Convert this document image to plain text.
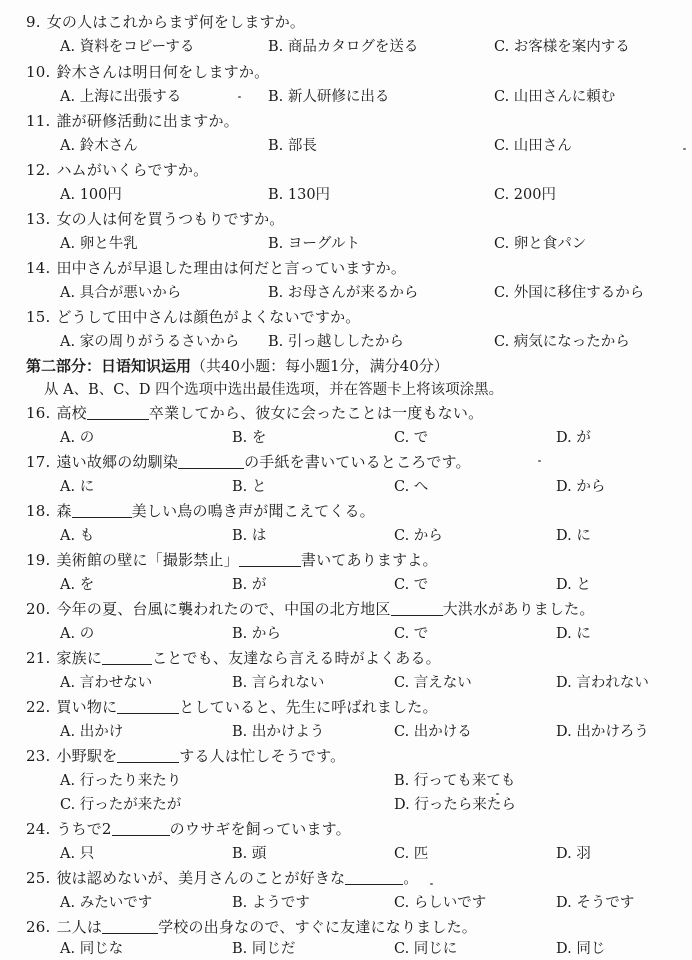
9. 女の人はこれからまず何をしますか。
A. 資料をコピーする	B. 商品カタログを送る	C. お客様を案内する
10. 鈴木さんは明日何をしますか。
A. 上海に出張する	B. 新人研修に出る	C. 山田さんに頼む
11. 誰が研修活動に出ますか。
A. 鈴木さん	B. 部長	C. 山田さん
12. ハムがいくらですか。
A. 100円	B. 130円	C. 200円
13. 女の人は何を買うつもりですか。
A. 卵と牛乳	B. ヨーグルト	C. 卵と食パン
14. 田中さんが早退した理由は何だと言っていますか。
A. 具合が悪いから	B. お母さんが来るから	C. 外国に移住するから
15. どうして田中さんは顔色がよくないですか。
A. 家の周りがうるさいから B. 引っ越ししたから	C. 病気になったから
第二部分：日语知识运用（共40小题：每小题1分，满分40分）
从 A、B、C、D 四个选项中选出最佳选项，并在答题卡上将该项涂黑。
16. 高校	卒業してから、彼女に会ったことは一度もない。
A. の	B. を	C. で	D. が
17. 遠い故郷の幼馴染	の手紙を書いているところです。
A. に	B. と	C. へ	D. から
18. 森	美しい鳥の鳴き声が聞こえてくる。
A. も	B. は	C. から	D. に
19. 美術館の壁に「撮影禁止」	書いてありますよ。
A. を	B. が	C. で	D. と
20. 今年の夏、台風に襲われたので、中国の北方地区	大洪水がありました。
A. の	B. から	C. で	D. に
21. 家族に	ことでも、友達なら言える時がよくある。
A. 言わせない	B. 言られない	C. 言えない	D. 言われない
22. 買い物に	としていると、先生に呼ばれました。
A. 出かけ	B. 出かけよう	C. 出かける	D. 出かけろう
23. 小野駅を	する人は忙しそうです。
A. 行ったり来たり	B. 行っても来ても
C. 行ったが来たが	D. 行ったら来たら
24. うちで2	のウサギを飼っています。
A. 只	B. 頭	C. 匹	D. 羽
25. 彼は認めないが、美月さんのことが好きな	。
A. みたいです	B. ようです	C. らしいです	D. そうです
26. 二人は	学校の出身なので、すぐに友達になりました。
A. 同じな	B. 同じだ	C. 同じに	D. 同じ
